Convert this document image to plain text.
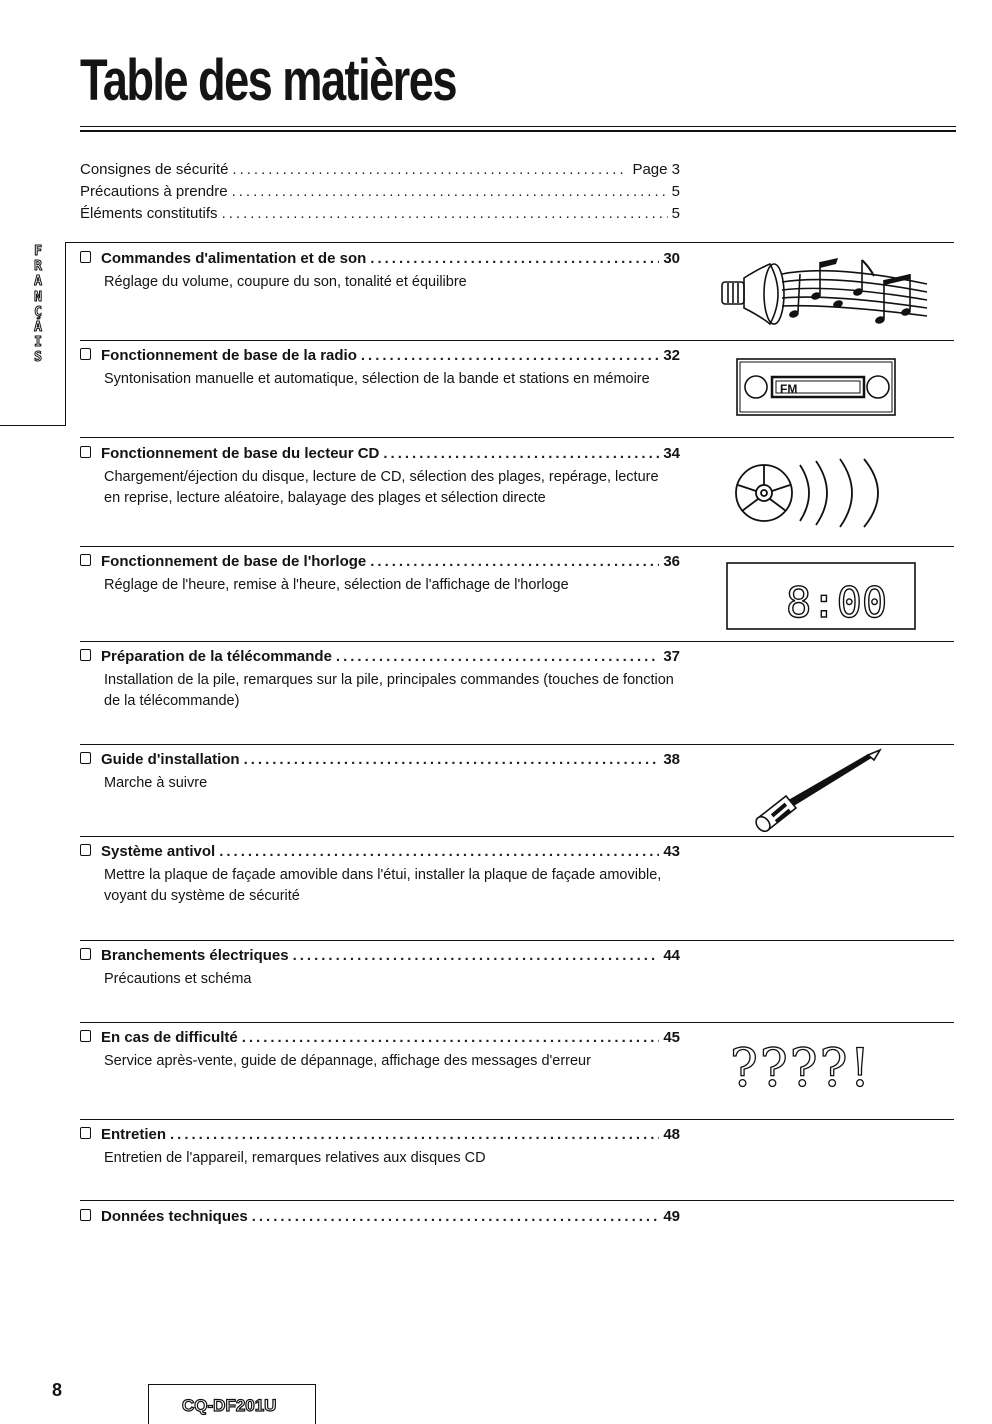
Table des matières
F
R
A
N
Ç
A
I
S
Consignes de sécurité .....	Page 3
Précautions à prendre .....	5
Éléments constitutifs .....	5
Commandes d'alimentation et de son .....	30
Réglage du volume, coupure du son, tonalité et équilibre
Fonctionnement de base de la radio .....	32
Syntonisation manuelle et automatique, sélection de la bande et stations en mémoire
Fonctionnement de base du lecteur CD .....	34
Chargement/éjection du disque, lecture de CD, sélection des plages, repérage, lecture en reprise, lecture aléatoire, balayage des plages et sélection directe
Fonctionnement de base de l'horloge .....	36
Réglage de l'heure, remise à l'heure, sélection de l'affichage de l'horloge
Préparation de la télécommande .....	37
Installation de la pile, remarques sur la pile, principales commandes (touches de fonction de la télécommande)
Guide d'installation .....	38
Marche à suivre
Système antivol .....	43
Mettre la plaque de façade amovible dans l'étui, installer la plaque de façade amovible, voyant du système de sécurité
Branchements électriques .....	44
Précautions et schéma
En cas de difficulté .....	45
Service après-vente, guide de dépannage, affichage des messages d'erreur
Entretien .....	48
Entretien de l'appareil, remarques relatives aux disques CD
Données techniques .....	49
FM
8:00
????!
8
CQ-DF201U
